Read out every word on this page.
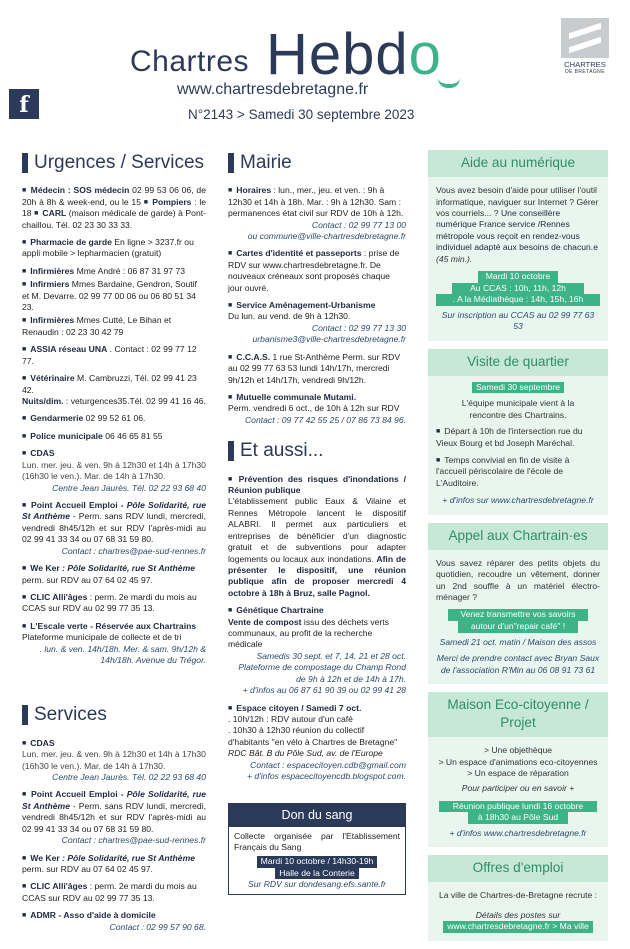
Chartres Hebdo
www.chartresdebretagne.fr
N°2143 > Samedi 30 septembre 2023
f
CHARTRES
DE BRETAGNE
Urgences / Services
■ Médecin : SOS médecin 02 99 53 06 06, de 20h à 8h & week-end, ou le 15 ■ Pompiers : le 18 ■ CARL (maison médicale de garde) à Pont-chaillou. Tél. 02 23 30 33 33.
■ Pharmacie de garde En ligne > 3237.fr ou appli mobile > lepharmacien (gratuit)
■ Infirmières Mme André : 06 87 31 97 73
■ Infirmiers Mmes Bardaine, Gendron, Soutif et M. Devarre. 02 99 77 00 06 ou 06 80 51 34 23.
■ Infirmières Mmes Cutté, Le Bihan et Renaudin : 02 23 30 42 79
■ ASSIA réseau UNA . Contact : 02 99 77 12 77.
■ Vétérinaire M. Cambruzzi, Tél. 02 99 41 23 42.
Nuits/dim. : veturgences35.Tél. 02 99 41 16 46.
■ Gendarmerie 02 99 52 61 06.
■ Police municipale 06 46 65 81 55
■ CDAS
Lun. mer. jeu. & ven. 9h à 12h30 et 14h à 17h30 (16h30 le ven.). Mar. de 14h à 17h30.
Centre Jean Jaurès. Tél. 02 22 93 68 40
■ Point Accueil Emploi - Pôle Solidarité, rue St Anthème - Perm. sans RDV lundi, mercredi, vendredi 8h45/12h et sur RDV l'après-midi au 02 99 41 33 34 ou 07 68 31 59 80.
Contact : chartres@pae-sud-rennes.fr
■ We Ker : Pôle Solidarité, rue St Anthème
perm. sur RDV au 07 64 02 45 97.
■ CLIC Alli'âges : perm. 2e mardi du mois au CCAS sur RDV au 02 99 77 35 13.
■ L'Escale verte - Réservée aux Chartrains
Plateforme municipale de collecte et de tri
. lun. & ven. 14h/18h. Mer. & sam. 9h/12h & 14h/18h. Avenue du Trégor.
Services
■ CDAS
Lun. mer. jeu. & ven. 9h à 12h30 et 14h à 17h30 (16h30 le ven.). Mar. de 14h à 17h30.
Centre Jean Jaurès. Tél. 02 22 93 68 40
■ Point Accueil Emploi - Pôle Solidarité, rue St Anthème - Perm. sans RDV lundi, mercredi, vendredi 8h45/12h et sur RDV l'après-midi au 02 99 41 33 34 ou 07 68 31 59 80.
Contact : chartres@pae-sud-rennes.fr
■ We Ker : Pôle Solidarité, rue St Anthème
perm. sur RDV au 07 64 02 45 97.
■ CLIC Alli'âges : perm. 2e mardi du mois au CCAS sur RDV au 02 99 77 35 13.
■ ADMR - Asso d'aide à domicile
Contact : 02 99 57 90 68.
Mairie
■ Horaires : lun., mer., jeu. et ven. : 9h à 12h30 et 14h à 18h. Mar. : 9h à 12h30. Sam : permanences état civil sur RDV de 10h à 12h.
Contact : 02 99 77 13 00
ou commune@ville-chartresdebretagne.fr
■ Cartes d'identité et passeports : prise de RDV sur www.chartresdebretagne.fr. De nouveaux créneaux sont proposés chaque jour ouvré.
■ Service Aménagement-Urbanisme
Du lun. au vend. de 9h à 12h30.
Contact : 02 99 77 13 30
urbanisme3@ville-chartresdebretagne.fr
■ C.C.A.S. 1 rue St-Anthème Perm. sur RDV au 02 99 77 63 53 lundi 14h/17h, mercredi 9h/12h et 14h/17h, vendredi 9h/12h.
■ Mutuelle communale Mutami.
Perm. vendredi 6 oct., de 10h à 12h sur RDV
Contact : 09 77 42 55 25 / 07 86 73 84 96.
Et aussi...
■ Prévention des risques d'inondations / Réunion publique
L'établissement public Eaux & Vilaine et Rennes Métropole lancent le dispositif ALABRI. Il permet aux particuliers et entreprises de bénéficier d'un diagnostic gratuit et de subventions pour adapter logements ou locaux aux inondations. Afin de présenter le dispositif, une réunion publique afin de proposer mercredi 4 octobre à 18h à Bruz, salle Pagnol.
■ Génétique Chartraine
Vente de compost issu des déchets verts communaux, au profit de la recherche médicale
Samedis 30 sept. et 7, 14, 21 et 28 oct. Plateforme de compostage du Champ Rond de 9h à 12h et de 14h à 17h.
+ d'infos au 06 87 61 90 39 ou 02 99 41 28
■ Espace citoyen / Samedi 7 oct.
. 10h/12h : RDV autour d'un café
. 10h30 à 12h30 réunion du collectif d'habitants "en vélo à Chartres de Bretagne"
RDC Bât. B du Pôle Sud, av. de l'Europe
Contact : espacecitoyen.cdb@gmail.com
+ d'infos espacecitoyencdb.blogspot.com.
Don du sang
Collecte organisée par l'Etablissement Français du Sang
Mardi 10 octobre / 14h30-19h
Halle de la Conterie
Sur RDV sur dondesang.efs.sante.fr
Aide au numérique
Vous avez besoin d'aide pour utiliser l'outil informatique, naviguer sur Internet ? Gérer vos courriels... ? Une conseillère numérique France service /Rennes métropole vous reçoit en rendez-vous individuel adapté aux besoins de chacun.e (45 min.).
Mardi 10 octobre
Au CCAS : 10h, 11h, 12h
. A la Médiathèque : 14h, 15h, 16h
Sur inscription au CCAS au 02 99 77 63 53
Visite de quartier
Samedi 30 septembre
L'équipe municipale vient à la rencontre des Chartrains.
■ Départ à 10h de l'intersection rue du Vieux Bourg et bd Joseph Maréchal.
■ Temps convivial en fin de visite à l'accueil périscolaire de l'école de L'Auditoire.
+ d'infos sur www.chartresdebretagne.fr
Appel aux Chartrain·es
Vous savez réparer des petits objets du quotidien, recoudre un vêtement, donner un 2nd souffle à un matériel électro-ménager ?
Venez transmettre vos savoirs
autour d'un"repair café" !
Samedi 21 oct. matin / Maison des assos
Merci de prendre contact avec Bryan Saux de l'association R'Min au 06 08 91 73 61
Maison Eco-citoyenne / Projet
> Une objethèque
> Un espace d'animations eco-citoyennes
> Un espace de réparation
Pour participer ou en savoir +
Réunion publique lundi 16 octobre
à 18h30 au Pôle Sud
+ d'infos www.chartresdebretagne.fr
Offres d'emploi
La ville de Chartres-de-Bretagne recrute :
Détails des postes sur
www.chartresdebretagne.fr > Ma ville
